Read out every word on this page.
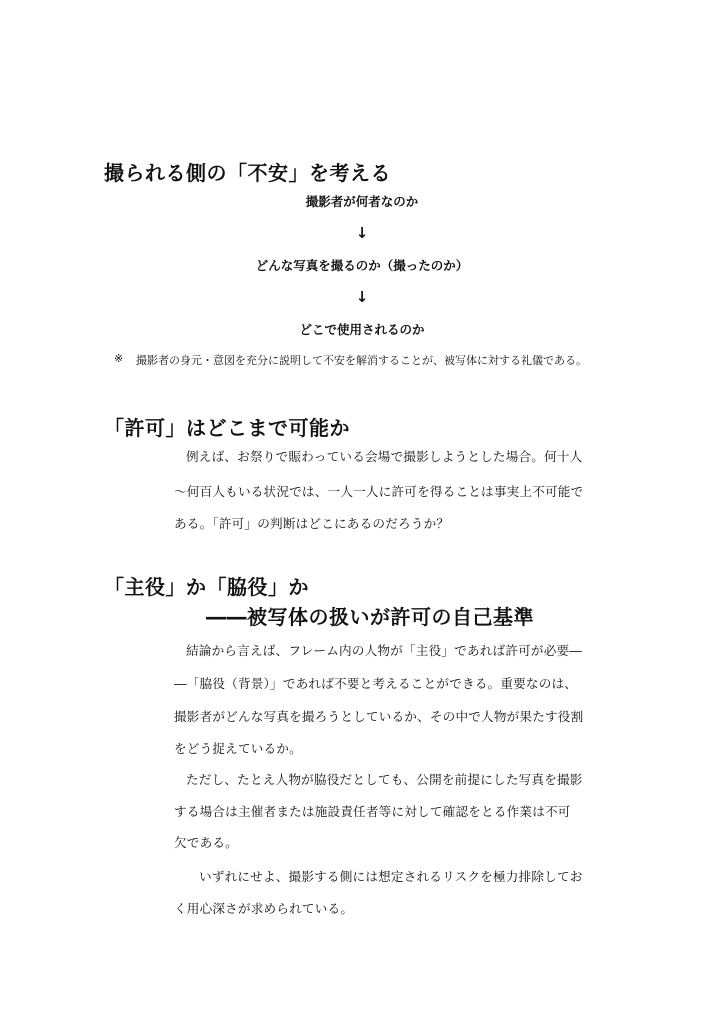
撮られる側の「不安」を考える
撮影者が何者なのか
↓
どんな写真を撮るのか（撮ったのか）
↓
どこで使用されるのか
※ 撮影者の身元・意図を充分に説明して不安を解消することが、被写体に対する礼儀である。
「許可」はどこまで可能か
例えば、お祭りで賑わっている会場で撮影しようとした場合。何十人
〜何百人もいる状況では、一人一人に許可を得ることは事実上不可能で
ある。「許可」の判断はどこにあるのだろうか？
「主役」か「脇役」か
――被写体の扱いが許可の自己基準
結論から言えば、フレーム内の人物が「主役」であれば許可が必要―
―「脇役（背景）」であれば不要と考えることができる。重要なのは、
撮影者がどんな写真を撮ろうとしているか、その中で人物が果たす役割
をどう捉えているか。
ただし、たとえ人物が脇役だとしても、公開を前提にした写真を撮影
する場合は主催者または施設責任者等に対して確認をとる作業は不可
欠である。
いずれにせよ、撮影する側には想定されるリスクを極力排除してお
く用心深さが求められている。
